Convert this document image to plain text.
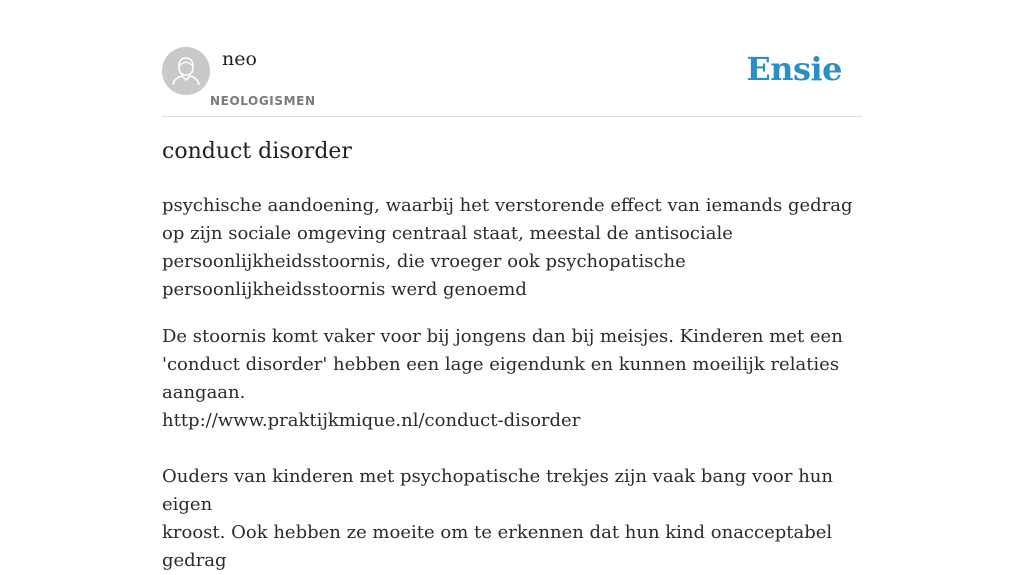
neo
NEOLOGISMEN
Ensie
conduct disorder

psychische aandoening, waarbij het verstorende effect van iemands gedrag op zijn sociale omgeving centraal staat, meestal de antisociale persoonlijkheidsstoornis, die vroeger ook psychopatische persoonlijkheidsstoornis werd genoemd

De stoornis komt vaker voor bij jongens dan bij meisjes. Kinderen met een
'conduct disorder' hebben een lage eigendunk en kunnen moeilijk relaties
aangaan.
http://www.praktijkmique.nl/conduct-disorder
Ouders van kinderen met psychopatische trekjes zijn vaak bang voor hun eigen
kroost. Ook hebben ze moeite om te erkennen dat hun kind onacceptabel gedrag
